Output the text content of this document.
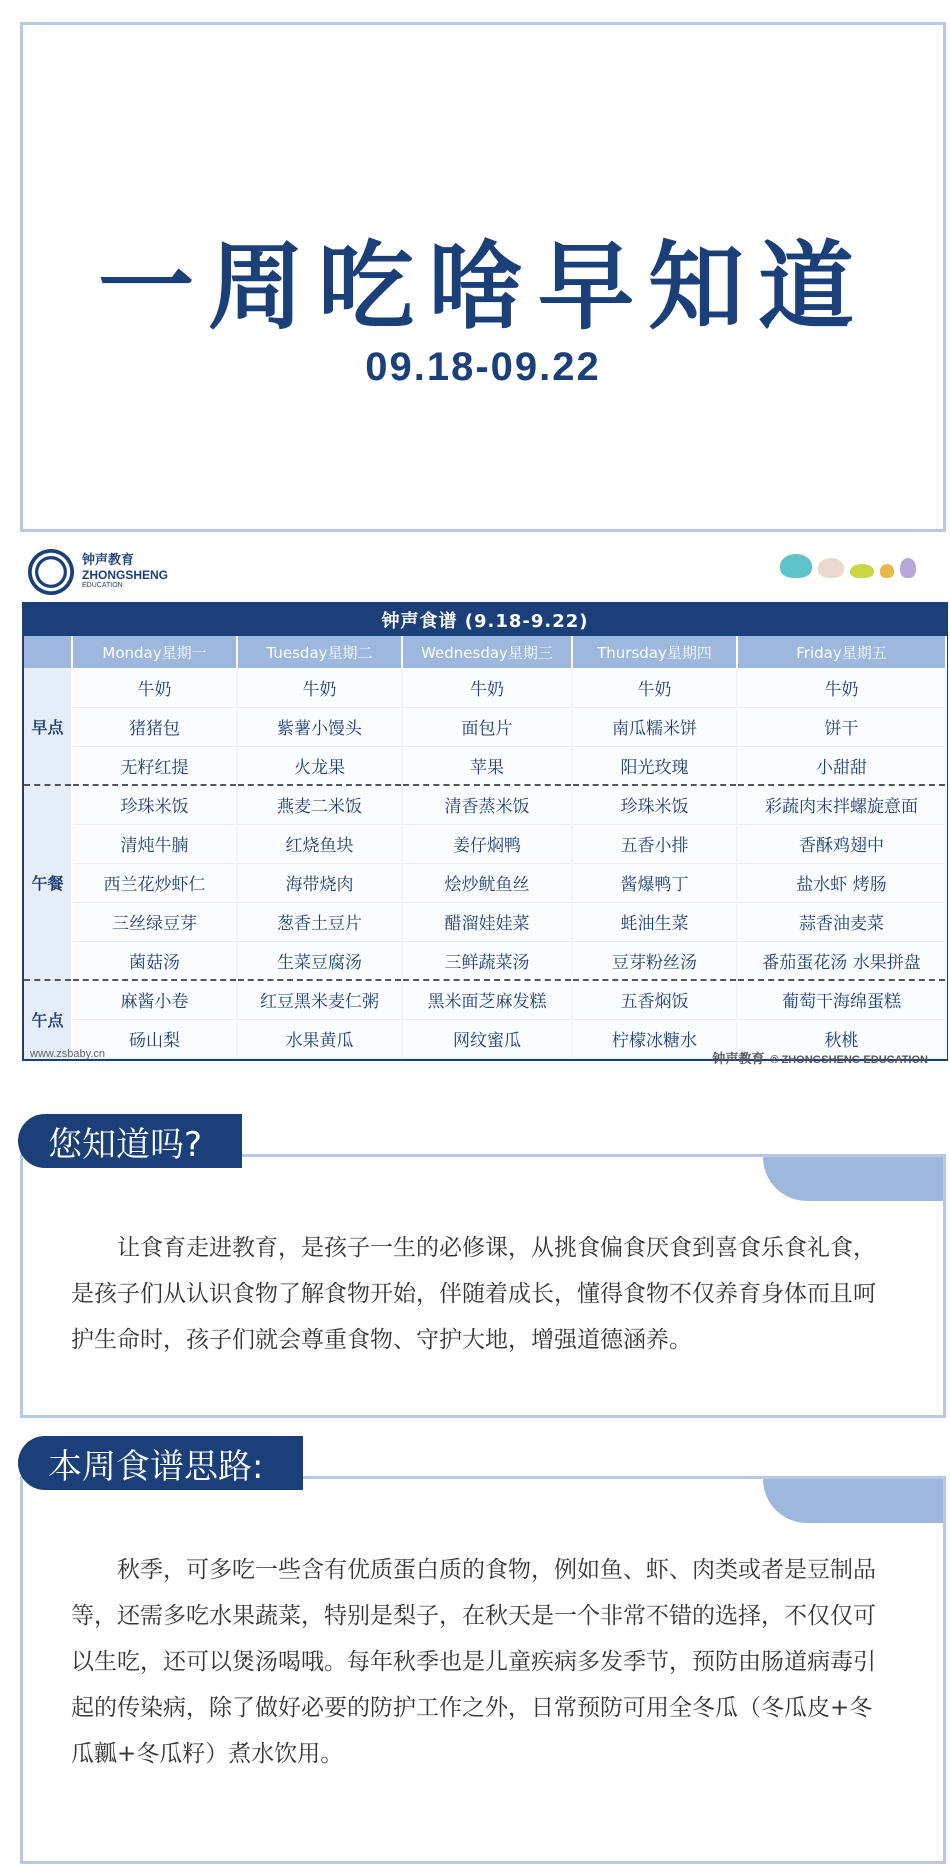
一周吃啥早知道
09.18-09.22
钟声教育
ZHONGSHENG
EDUCATION
钟声食谱 (9.18-9.22)
	Monday星期一	Tuesday星期二	Wednesday星期三	Thursday星期四	Friday星期五
早点	牛奶	牛奶	牛奶	牛奶	牛奶
	猪猪包	紫薯小馒头	面包片	南瓜糯米饼	饼干
	无籽红提	火龙果	苹果	阳光玫瑰	小甜甜
午餐	珍珠米饭	燕麦二米饭	清香蒸米饭	珍珠米饭	彩蔬肉末拌螺旋意面
	清炖牛腩	红烧鱼块	姜仔焖鸭	五香小排	香酥鸡翅中
	西兰花炒虾仁	海带烧肉	烩炒鱿鱼丝	酱爆鸭丁	盐水虾 烤肠
	三丝绿豆芽	葱香土豆片	醋溜娃娃菜	蚝油生菜	蒜香油麦菜
	菌菇汤	生菜豆腐汤	三鲜蔬菜汤	豆芽粉丝汤	番茄蛋花汤 水果拼盘
午点	麻酱小卷	红豆黑米麦仁粥	黑米面芝麻发糕	五香焖饭	葡萄干海绵蛋糕
	砀山梨	水果黄瓜	网纹蜜瓜	柠檬冰糖水	秋桃
www.zsbaby.cn	钟声教育 ® ZHONGSHENG EDUCATION
让食育走进教育，是孩子一生的必修课，从挑食偏食厌食到喜食乐食礼食，是孩子们从认识食物了解食物开始，伴随着成长，懂得食物不仅养育身体而且呵护生命时，孩子们就会尊重食物、守护大地，增强道德涵养。
您知道吗?
秋季，可多吃一些含有优质蛋白质的食物，例如鱼、虾、肉类或者是豆制品等，还需多吃水果蔬菜，特别是梨子，在秋天是一个非常不错的选择，不仅仅可以生吃，还可以煲汤喝哦。每年秋季也是儿童疾病多发季节，预防由肠道病毒引起的传染病，除了做好必要的防护工作之外，日常预防可用全冬瓜（冬瓜皮+冬瓜瓤+冬瓜籽）煮水饮用。
本周食谱思路:
